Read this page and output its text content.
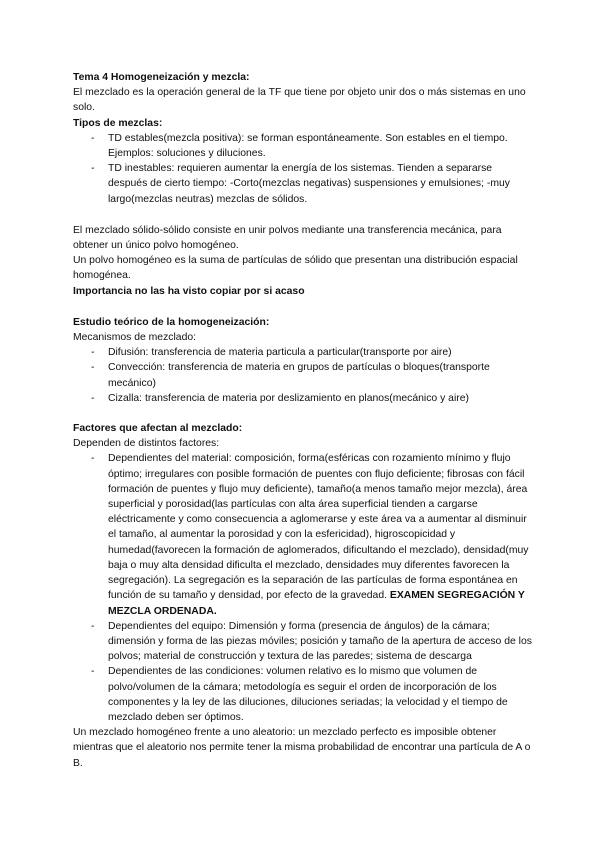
Tema 4 Homogeneización y mezcla:

El mezclado es la operación general de la TF que tiene por objeto unir dos o más sistemas en uno solo.

Tipos de mezclas:

- TD estables(mezcla positiva): se forman espontáneamente. Son estables en el tiempo. Ejemplos: soluciones y diluciones.
- TD inestables: requieren aumentar la energía de los sistemas. Tienden a separarse después de cierto tiempo: -Corto(mezclas negativas) suspensiones y emulsiones; -muy largo(mezclas neutras) mezclas de sólidos.

El mezclado sólido-sólido consiste en unir polvos mediante una transferencia mecánica, para obtener un único polvo homogéneo.

Un polvo homogéneo es la suma de partículas de sólido que presentan una distribución espacial homogénea.

Importancia no las ha visto copiar por si acaso

Estudio teórico de la homogeneización:

Mecanismos de mezclado:

- Difusión: transferencia de materia particula a particular(transporte por aire)
- Convección: transferencia de materia en grupos de partículas o bloques(transporte mecánico)
- Cizalla: transferencia de materia por deslizamiento en planos(mecánico y aire)

Factores que afectan al mezclado:

Dependen de distintos factores:

- Dependientes del material: composición, forma(esféricas con rozamiento mínimo y flujo óptimo; irregulares con posible formación de puentes con flujo deficiente; fibrosas con fácil formación de puentes y flujo muy deficiente), tamaño(a menos tamaño mejor mezcla), área superficial y porosidad(las partículas con alta área superficial tienden a cargarse eléctricamente y como consecuencia a aglomerarse y este área va a aumentar al disminuir el tamaño, al aumentar la porosidad y con la esfericidad), higroscopicidad y humedad(favorecen la formación de aglomerados, dificultando el mezclado), densidad(muy baja o muy alta densidad dificulta el mezclado, densidades muy diferentes favorecen la segregación). La segregación es la separación de las partículas de forma espontánea en función de su tamaño y densidad, por efecto de la gravedad. EXAMEN SEGREGACIÓN Y MEZCLA ORDENADA.
- Dependientes del equipo: Dimensión y forma (presencia de ángulos) de la cámara; dimensión y forma de las piezas móviles; posición y tamaño de la apertura de acceso de los polvos; material de construcción y textura de las paredes; sistema de descarga
- Dependientes de las condiciones: volumen relativo es lo mismo que volumen de polvo/volumen de la cámara; metodología es seguir el orden de incorporación de los componentes y la ley de las diluciones, diluciones seriadas; la velocidad y el tiempo de mezclado deben ser óptimos.

Un mezclado homogéneo frente a uno aleatorio: un mezclado perfecto es imposible obtener mientras que el aleatorio nos permite tener la misma probabilidad de encontrar una partícula de A o B.
